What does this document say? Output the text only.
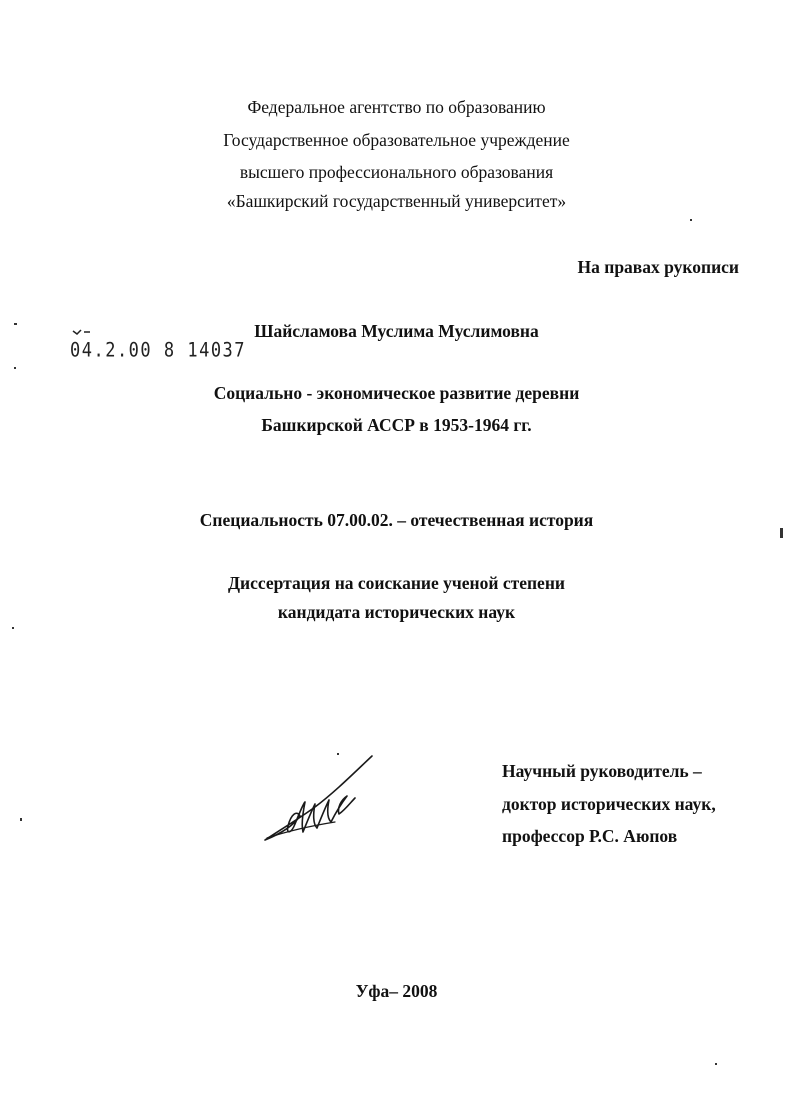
Федеральное агентство по образованию
Государственное образовательное учреждение
высшего профессионального образования
«Башкирский государственный университет»
На правах рукописи
04.2.00 8 14037
Шайсламова Муслима Муслимовна
Социально - экономическое развитие деревни
Башкирской АССР в 1953-1964 гг.
Специальность 07.00.02. – отечественная история
Диссертация на соискание ученой степени
кандидата исторических наук
Научный руководитель –
доктор исторических наук,
профессор Р.С. Аюпов
Уфа– 2008
